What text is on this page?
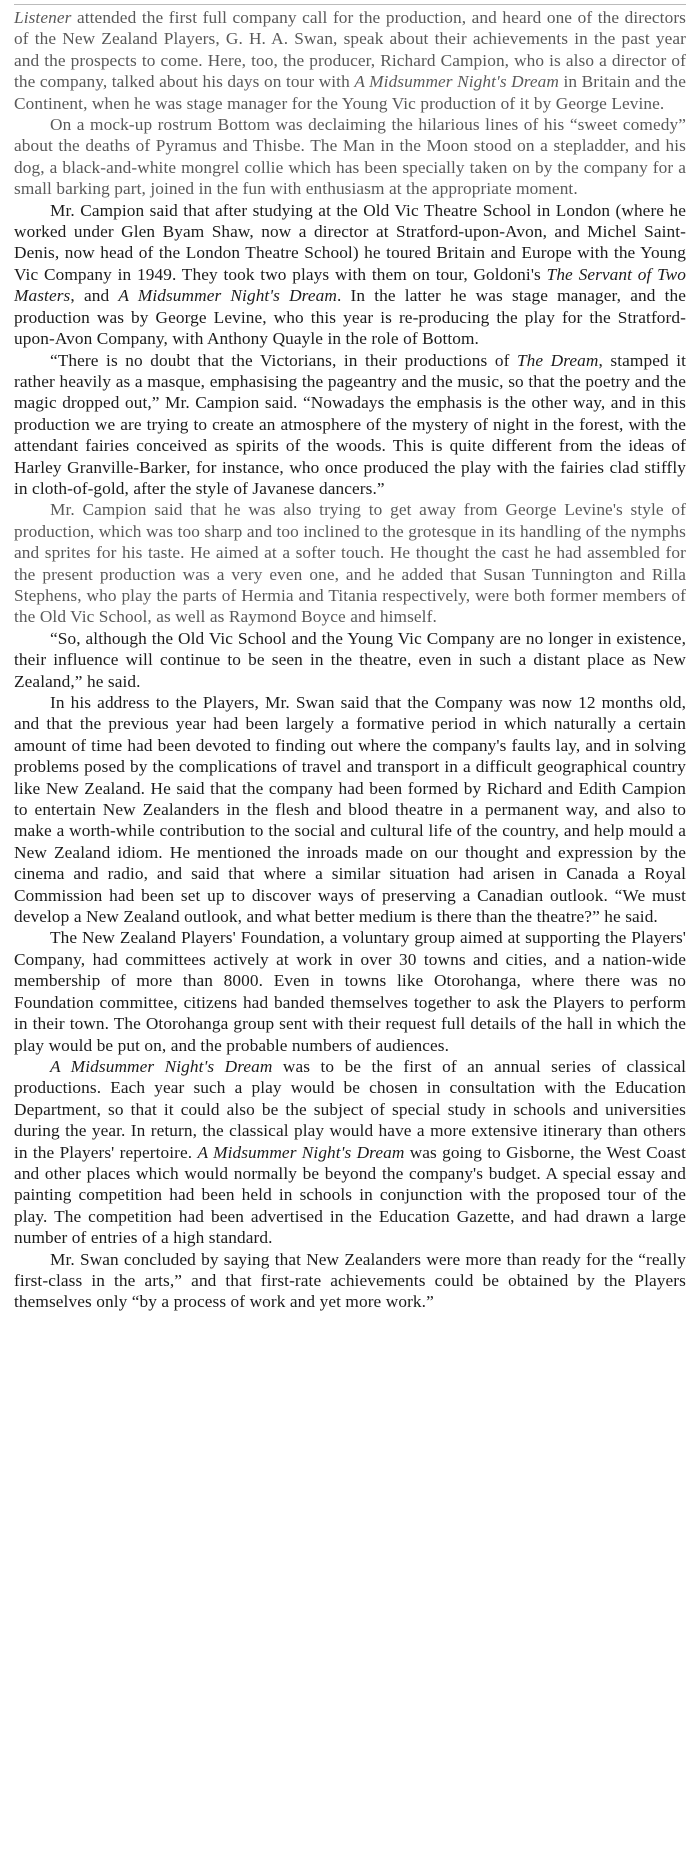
Listener attended the first full company call for the production, and heard one of the directors of the New Zealand Players, G. H. A. Swan, speak about their achievements in the past year and the prospects to come. Here, too, the producer, Richard Campion, who is also a director of the company, talked about his days on tour with A Midsummer Night's Dream in Britain and the Continent, when he was stage manager for the Young Vic production of it by George Levine.

On a mock-up rostrum Bottom was declaiming the hilarious lines of his “sweet comedy” about the deaths of Pyramus and Thisbe. The Man in the Moon stood on a stepladder, and his dog, a black-and-white mongrel collie which has been specially taken on by the company for a small barking part, joined in the fun with enthusiasm at the appropriate moment.

Mr. Campion said that after studying at the Old Vic Theatre School in London (where he worked under Glen Byam Shaw, now a director at Stratford-upon-Avon, and Michel Saint-Denis, now head of the London Theatre School) he toured Britain and Europe with the Young Vic Company in 1949. They took two plays with them on tour, Goldoni's The Servant of Two Masters, and A Midsummer Night's Dream. In the latter he was stage manager, and the production was by George Levine, who this year is re-producing the play for the Stratford-upon-Avon Company, with Anthony Quayle in the role of Bottom.

“There is no doubt that the Victorians, in their productions of The Dream, stamped it rather heavily as a masque, emphasising the pageantry and the music, so that the poetry and the magic dropped out,” Mr. Campion said. “Nowadays the emphasis is the other way, and in this production we are trying to create an atmosphere of the mystery of night in the forest, with the attendant fairies conceived as spirits of the woods. This is quite different from the ideas of Harley Granville-Barker, for instance, who once produced the play with the fairies clad stiffly in cloth-of-gold, after the style of Javanese dancers.”

Mr. Campion said that he was also trying to get away from George Levine's style of production, which was too sharp and too inclined to the grotesque in its handling of the nymphs and sprites for his taste. He aimed at a softer touch. He thought the cast he had assembled for the present production was a very even one, and he added that Susan Tunnington and Rilla Stephens, who play the parts of Hermia and Titania respectively, were both former members of the Old Vic School, as well as Raymond Boyce and himself.

“So, although the Old Vic School and the Young Vic Company are no longer in existence, their influence will continue to be seen in the theatre, even in such a distant place as New Zealand,” he said.

In his address to the Players, Mr. Swan said that the Company was now 12 months old, and that the previous year had been largely a formative period in which naturally a certain amount of time had been devoted to finding out where the company's faults lay, and in solving problems posed by the complications of travel and transport in a difficult geographical country like New Zealand. He said that the company had been formed by Richard and Edith Campion to entertain New Zealanders in the flesh and blood theatre in a permanent way, and also to make a worth-while contribution to the social and cultural life of the country, and help mould a New Zealand idiom. He mentioned the inroads made on our thought and expression by the cinema and radio, and said that where a similar situation had arisen in Canada a Royal Commission had been set up to discover ways of preserving a Canadian outlook. “We must develop a New Zealand outlook, and what better medium is there than the theatre?” he said.

The New Zealand Players' Foundation, a voluntary group aimed at supporting the Players' Company, had committees actively at work in over 30 towns and cities, and a nation-wide membership of more than 8000. Even in towns like Otorohanga, where there was no Foundation committee, citizens had banded themselves together to ask the Players to perform in their town. The Otorohanga group sent with their request full details of the hall in which the play would be put on, and the probable numbers of audiences.

A Midsummer Night's Dream was to be the first of an annual series of classical productions. Each year such a play would be chosen in consultation with the Education Department, so that it could also be the subject of special study in schools and universities during the year. In return, the classical play would have a more extensive itinerary than others in the Players' repertoire. A Midsummer Night's Dream was going to Gisborne, the West Coast and other places which would normally be beyond the company's budget. A special essay and painting competition had been held in schools in conjunction with the proposed tour of the play. The competition had been advertised in the Education Gazette, and had drawn a large number of entries of a high standard.

Mr. Swan concluded by saying that New Zealanders were more than ready for the “really first-class in the arts,” and that first-rate achievements could be obtained by the Players themselves only “by a process of work and yet more work.”
